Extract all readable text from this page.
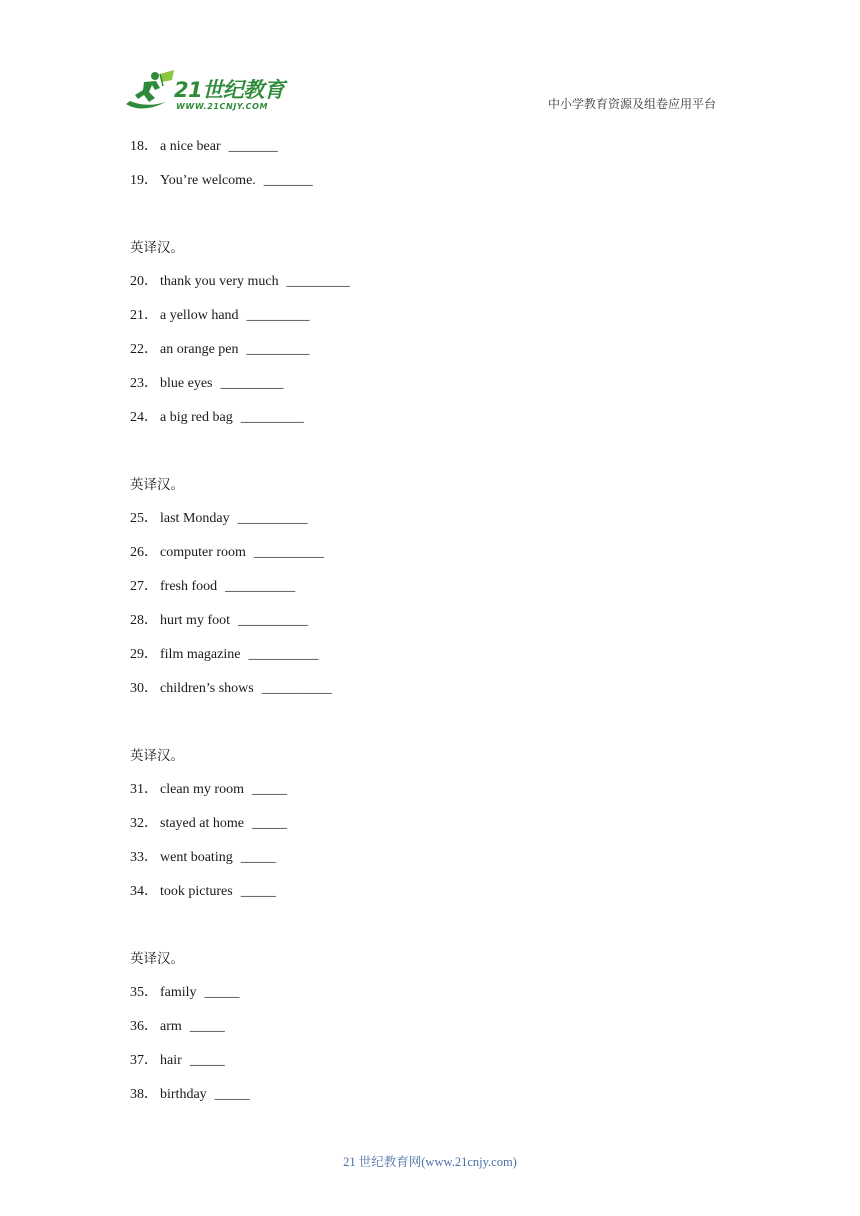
21世纪教育
WWW.21CNJY.COM	中小学教育资源及组卷应用平台
18． a nice bear _______
19． You’re welcome. _______
英译汉。
20． thank you very much _________
21． a yellow hand _________
22． an orange pen _________
23． blue eyes _________
24． a big red bag _________
英译汉。
25． last Monday __________
26． computer room __________
27． fresh food __________
28． hurt my foot __________
29． film magazine __________
30． children’s shows __________
英译汉。
31． clean my room _____
32． stayed at home _____
33． went boating _____
34． took pictures _____
英译汉。
35． family _____
36． arm _____
37． hair _____
38． birthday _____
21 世纪教育网(www.21cnjy.com)
